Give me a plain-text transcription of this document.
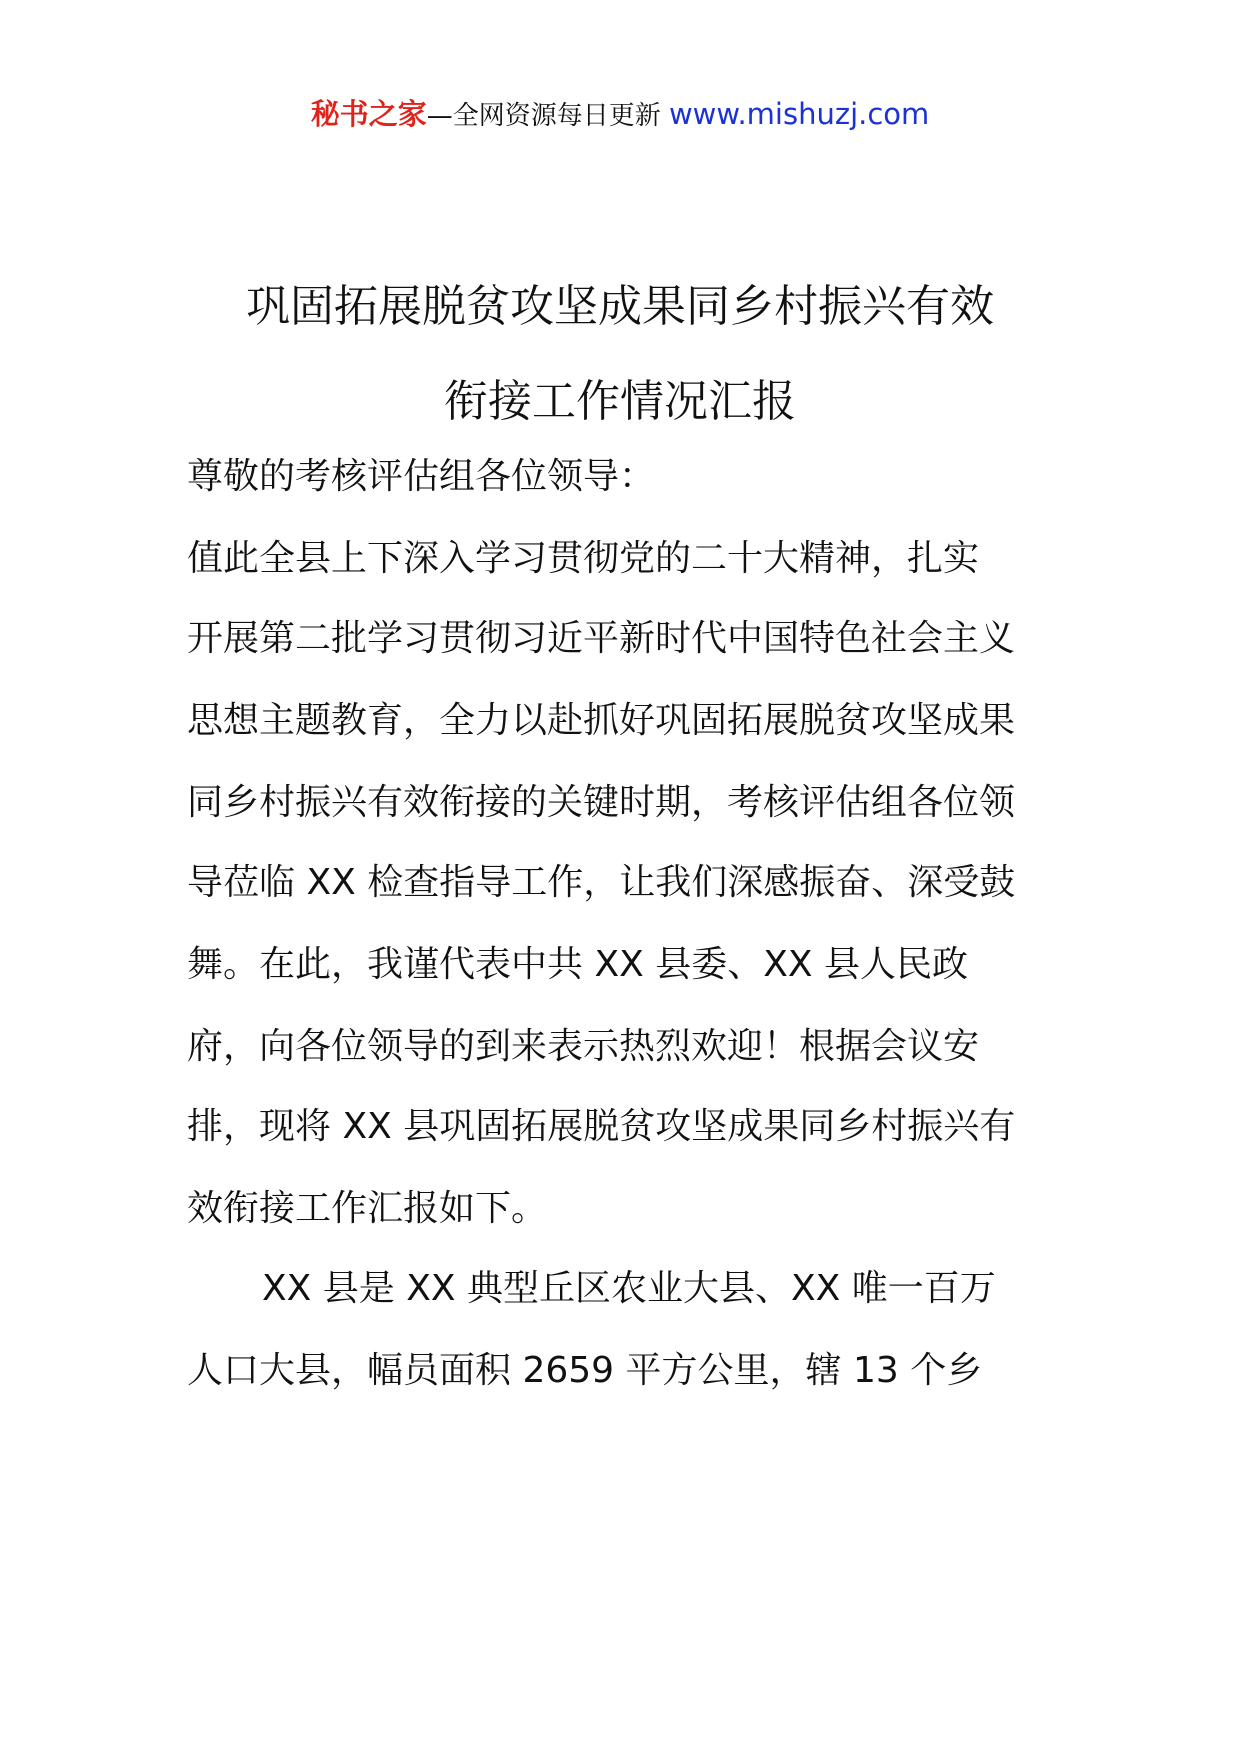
秘书之家—全网资源每日更新 www.mishuzj.com
巩固拓展脱贫攻坚成果同乡村振兴有效
衔接工作情况汇报
尊敬的考核评估组各位领导：
值此全县上下深入学习贯彻党的二十大精神，扎实
开展第二批学习贯彻习近平新时代中国特色社会主义
思想主题教育，全力以赴抓好巩固拓展脱贫攻坚成果
同乡村振兴有效衔接的关键时期，考核评估组各位领
导莅临 XX 检查指导工作，让我们深感振奋、深受鼓
舞。在此，我谨代表中共 XX 县委、XX 县人民政
府，向各位领导的到来表示热烈欢迎！根据会议安
排，现将 XX 县巩固拓展脱贫攻坚成果同乡村振兴有
效衔接工作汇报如下。
XX 县是 XX 典型丘区农业大县、XX 唯一百万
人口大县，幅员面积 2659 平方公里，辖 13 个乡
